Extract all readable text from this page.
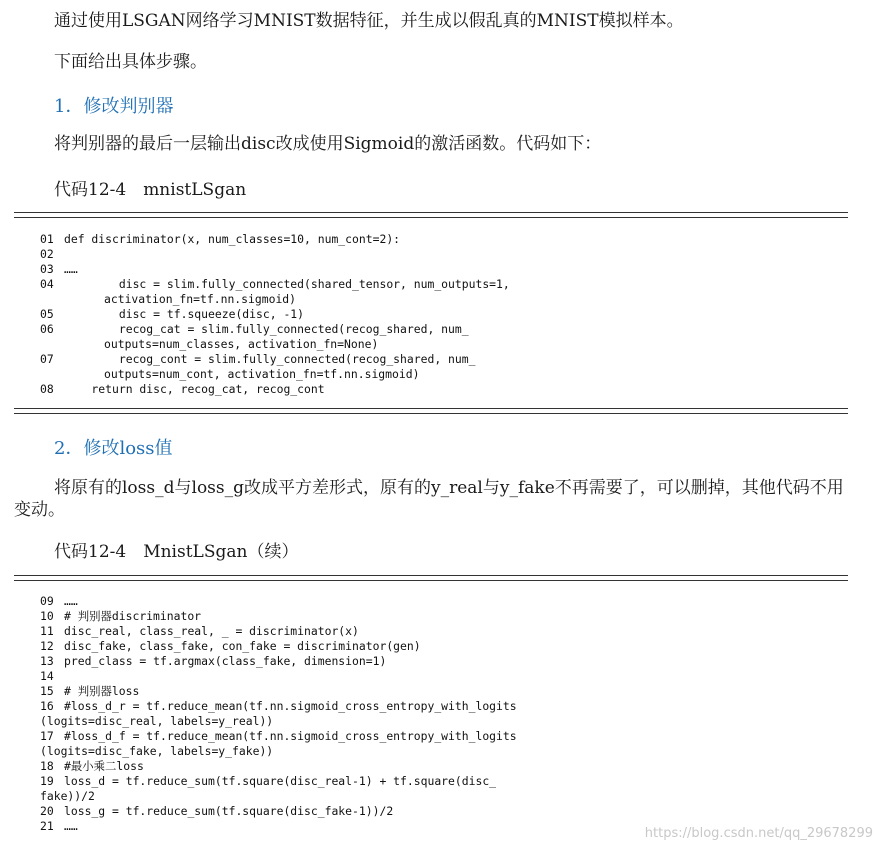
通过使用LSGAN网络学习MNIST数据特征，并生成以假乱真的MNIST模拟样本。
下面给出具体步骤。
1．修改判别器
将判别器的最后一层输出disc改成使用Sigmoid的激活函数。代码如下：
代码12-4　mnistLSgan
01 def discriminator(x, num_classes=10, num_cont=2):
02
03 ……
04 disc = slim.fully_connected(shared_tensor, num_outputs=1,
activation_fn=tf.nn.sigmoid)
05 disc = tf.squeeze(disc, -1)
06 recog_cat = slim.fully_connected(recog_shared, num_
outputs=num_classes, activation_fn=None)
07 recog_cont = slim.fully_connected(recog_shared, num_
outputs=num_cont, activation_fn=tf.nn.sigmoid)
08 return disc, recog_cat, recog_cont
2．修改loss值
将原有的loss_d与loss_g改成平方差形式，原有的y_real与y_fake不再需要了，可以删掉，其他代码不用变动。
代码12-4　MnistLSgan（续）
09 ……
10 # 判别器discriminator
11 disc_real, class_real, _ = discriminator(x)
12 disc_fake, class_fake, con_fake = discriminator(gen)
13 pred_class = tf.argmax(class_fake, dimension=1)
14
15 # 判别器loss
16 #loss_d_r = tf.reduce_mean(tf.nn.sigmoid_cross_entropy_with_logits
(logits=disc_real, labels=y_real))
17 #loss_d_f = tf.reduce_mean(tf.nn.sigmoid_cross_entropy_with_logits
(logits=disc_fake, labels=y_fake))
18 #最小乘二loss
19 loss_d = tf.reduce_sum(tf.square(disc_real-1) + tf.square(disc_
fake))/2
20 loss_g = tf.reduce_sum(tf.square(disc_fake-1))/2
21 ……	https://blog.csdn.net/qq_29678299
